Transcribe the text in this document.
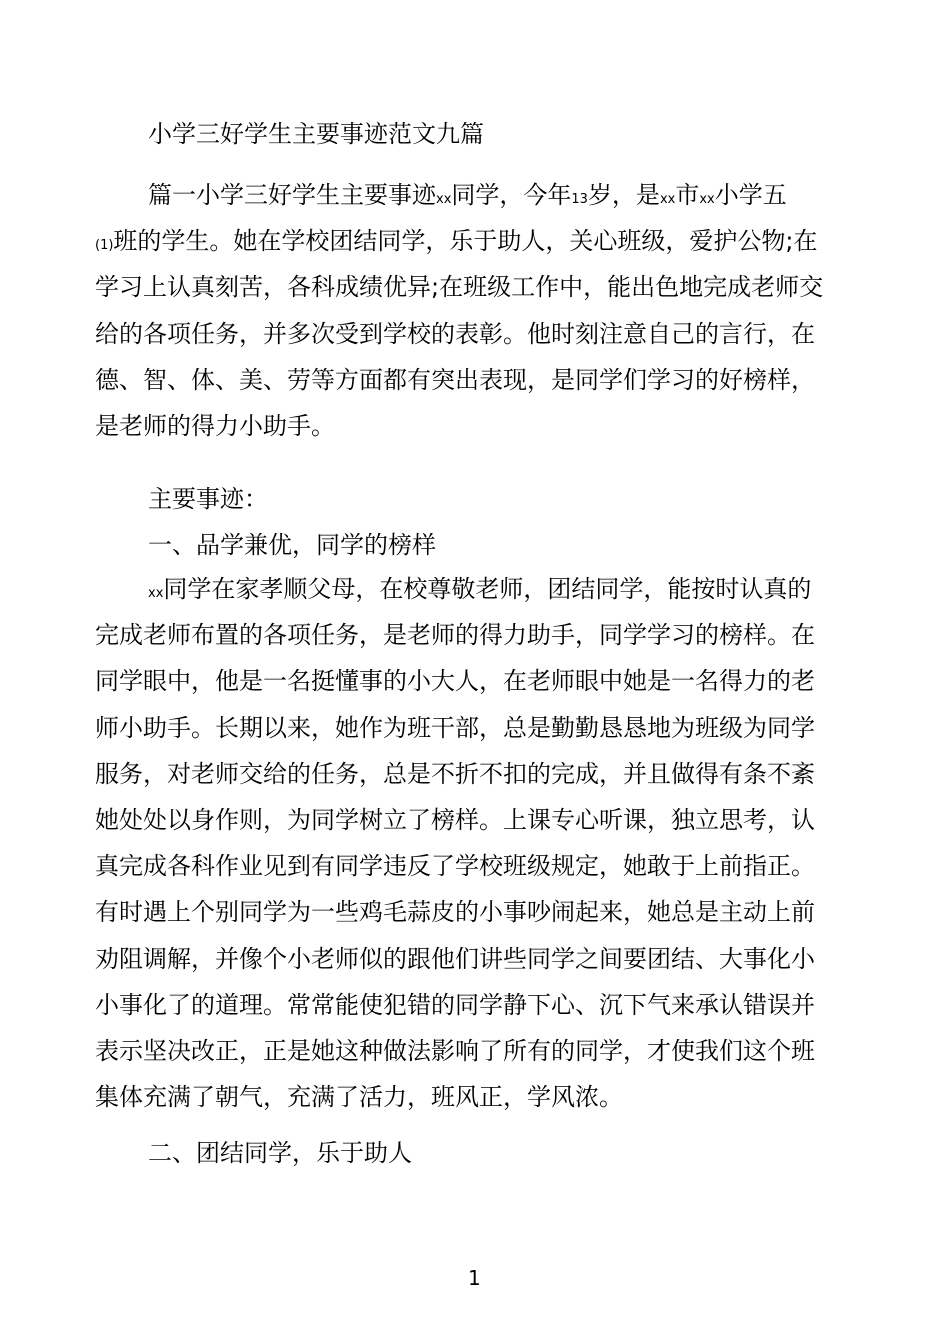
小学三好学生主要事迹范文九篇
篇一小学三好学生主要事迹xx同学，今年13岁，是xx市xx小学五
(1)班的学生。她在学校团结同学，乐于助人，关心班级，爱护公物;在
学习上认真刻苦，各科成绩优异;在班级工作中，能出色地完成老师交
给的各项任务，并多次受到学校的表彰。他时刻注意自己的言行，在
德、智、体、美、劳等方面都有突出表现，是同学们学习的好榜样，
是老师的得力小助手。
主要事迹：
一、品学兼优，同学的榜样
xx同学在家孝顺父母，在校尊敬老师，团结同学，能按时认真的
完成老师布置的各项任务，是老师的得力助手，同学学习的榜样。在
同学眼中，他是一名挺懂事的小大人，在老师眼中她是一名得力的老
师小助手。长期以来，她作为班干部，总是勤勤恳恳地为班级为同学
服务，对老师交给的任务，总是不折不扣的完成，并且做得有条不紊
她处处以身作则，为同学树立了榜样。上课专心听课，独立思考，认
真完成各科作业见到有同学违反了学校班级规定，她敢于上前指正。
有时遇上个别同学为一些鸡毛蒜皮的小事吵闹起来，她总是主动上前
劝阻调解，并像个小老师似的跟他们讲些同学之间要团结、大事化小
小事化了的道理。常常能使犯错的同学静下心、沉下气来承认错误并
表示坚决改正，正是她这种做法影响了所有的同学，才使我们这个班
集体充满了朝气，充满了活力，班风正，学风浓。
二、团结同学，乐于助人
1
